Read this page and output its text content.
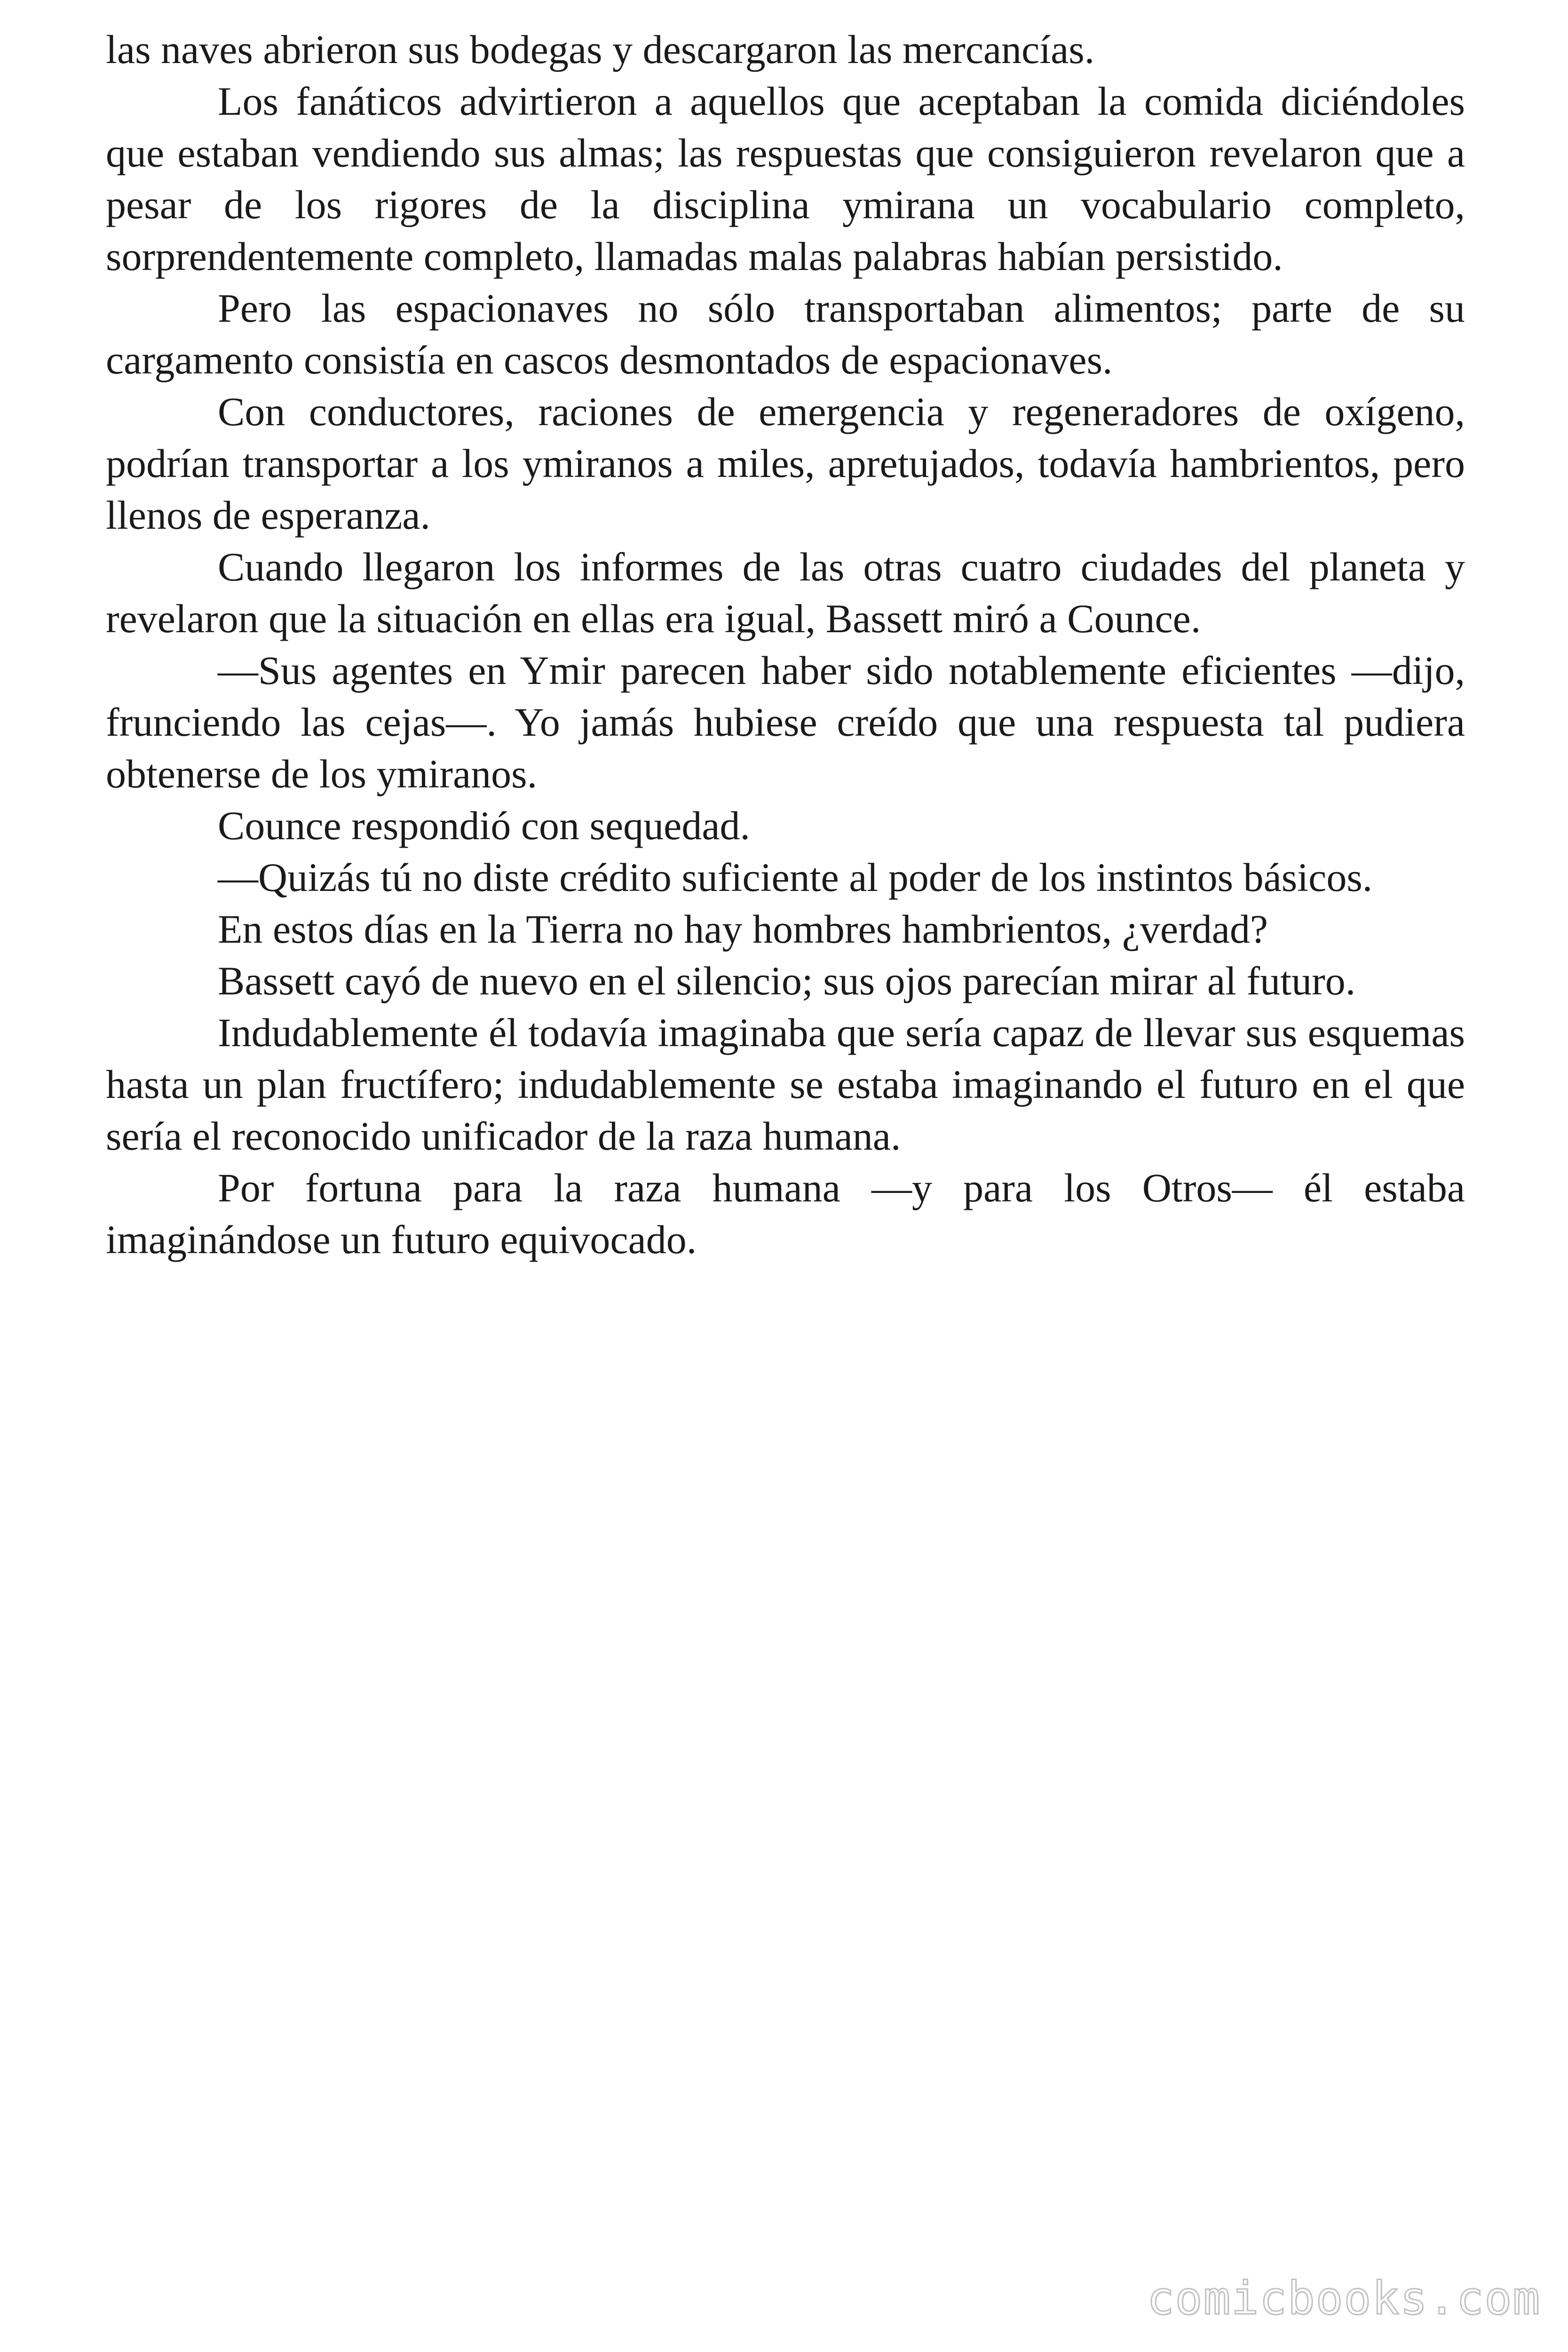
las naves abrieron sus bodegas y descargaron las mercancías.

Los fanáticos advirtieron a aquellos que aceptaban la comida diciéndoles que estaban vendiendo sus almas; las respuestas que consiguieron revelaron que a pesar de los rigores de la disciplina ymirana un vocabulario completo, sorprendentemente completo, llamadas malas palabras habían persistido.

Pero las espacionaves no sólo transportaban alimentos; parte de su cargamento consistía en cascos desmontados de espacionaves.

Con conductores, raciones de emergencia y regeneradores de oxígeno, podrían transportar a los ymiranos a miles, apretujados, todavía hambrientos, pero llenos de esperanza.

Cuando llegaron los informes de las otras cuatro ciudades del planeta y revelaron que la situación en ellas era igual, Bassett miró a Counce.

—Sus agentes en Ymir parecen haber sido notablemente eficientes —dijo, frunciendo las cejas—. Yo jamás hubiese creído que una respuesta tal pudiera obtenerse de los ymiranos.

Counce respondió con sequedad.

—Quizás tú no diste crédito suficiente al poder de los instintos básicos.

En estos días en la Tierra no hay hombres hambrientos, ¿verdad?

Bassett cayó de nuevo en el silencio; sus ojos parecían mirar al futuro.

Indudablemente él todavía imaginaba que sería capaz de llevar sus esquemas hasta un plan fructífero; indudablemente se estaba imaginando el futuro en el que sería el reconocido unificador de la raza humana.

Por fortuna para la raza humana —y para los Otros— él estaba imaginándose un futuro equivocado.

comicbooks.com
